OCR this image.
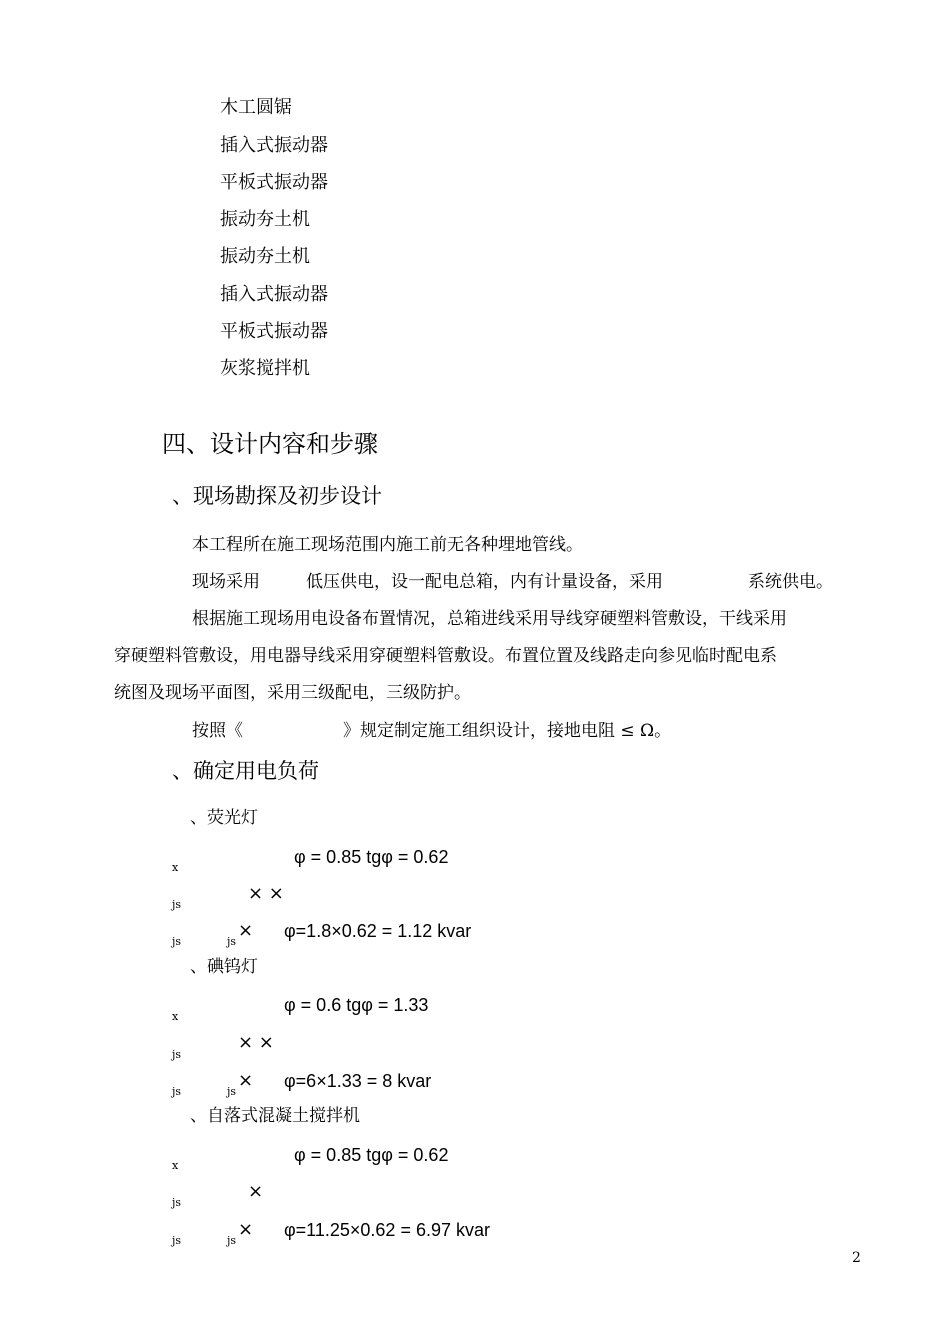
木工圆锯
插入式振动器
平板式振动器
振动夯土机
振动夯土机
插入式振动器
平板式振动器
灰浆搅拌机
四、设计内容和步骤
、现场勘探及初步设计
本工程所在施工现场范围内施工前无各种埋地管线。
现场采用	低压供电，设一配电总箱，内有计量设备，采用	系统供电。
根据施工现场用电设备布置情况，总箱进线采用导线穿硬塑料管敷设，干线采用
穿硬塑料管敷设，用电器导线采用穿硬塑料管敷设。布置位置及线路走向参见临时配电系
统图及现场平面图，采用三级配电，三级防护。
按照《	》规定制定施工组织设计，接地电阻 ≤ Ω。
、确定用电负荷
、荧光灯
x
φ = 0.85 tgφ = 0.62
js
× ×
js	js
× φ=1.8×0.62 = 1.12 kvar
、碘钨灯
x
φ = 0.6 tgφ = 1.33
js
× ×
js	js
× φ=6×1.33 = 8 kvar
、自落式混凝土搅拌机
x
φ = 0.85 tgφ = 0.62
js
×
js	js
× φ=11.25×0.62 = 6.97 kvar
2
